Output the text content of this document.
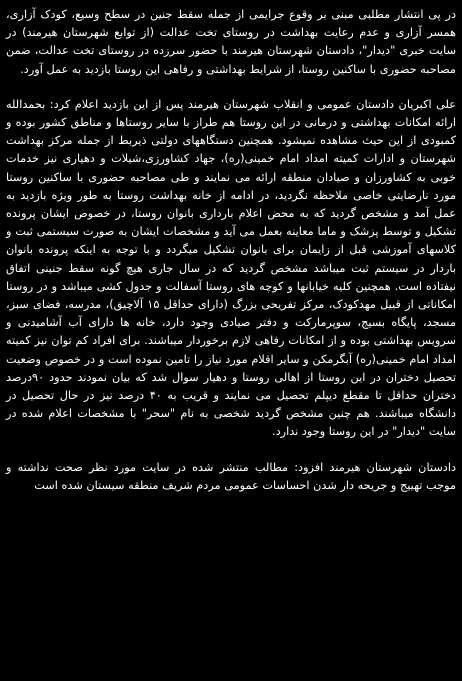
در پی انتشار مطلبی مبنی بر وقوع جرایمی از جمله سقط جنین در سطح وسیع، کودک آزاری، همسر آزاری و عدم رعایت بهداشت در روستای تخت عدالت (از توابع شهرستان هیرمند) در سایت خبری "دیدار"، دادستان شهرستان هیرمند با حضور سرزده در روستای تخت عدالت، ضمن مصاحبه حضوری با ساکنین روستا، از شرایط بهداشتی و رفاهی این روستا بازدید به عمل آورد.

علی اکبریان دادستان عمومی و انقلاب شهرستان هیرمند پس از این بازدید اعلام کرد: بحمدالله ارائه امکانات بهداشتی و درمانی در این روستا هم طراز با سایر روستاها و مناطق کشور بوده و کمبودی از این حیث مشاهده نمیشود. همچنین دستگاههای دولتی ذیربط از جمله مرکز بهداشت شهرستان و ادارات کمیته امداد امام خمینی(ره)، جهاد کشاورزی،شیلات و دهیاری نیز خدمات خوبی به کشاورزان و صیادان منطقه ارائه می نمایند و طی مصاحبه حضوری با ساکنین روستا مورد نارضایتی خاصی ملاحظه نگردید، در ادامه از خانه بهداشت روستا به طور ویژه بازدید به عمل آمد و مشخص گردید که به محض اعلام بارداری بانوان روستا، در خصوص ایشان پرونده تشکیل و توسط پزشک و ماما معاینه بعمل می آید و مشخصات ایشان به صورت سیستمی ثبت و کلاسهای آموزشی قبل از زایمان برای بانوان تشکیل میگردد و با توجه به اینکه پرونده بانوان باردار در سیستم ثبت میباشد مشخص گردید که در سال جاری هیچ گونه سقط جنینی اتفاق نیفتاده است. همچنین کلیه خیابانها و کوچه های روستا آسفالت و جدول کشی میباشد و در روستا امکاناتی از قبیل مهدکودک، مرکز تفریحی بزرگ (دارای حداقل ۱۵ آلاچیق)، مدرسه، فضای سبز، مسجد، پایگاه بسیج، سوپرمارکت و دفتر صیادی وجود دارد، خانه ها دارای آب آشامیدنی و سرویس بهداشتی بوده و از امکانات رفاهی لازم برخوردار میباشند. برای افراد کم توان نیز کمیته امداد امام خمینی(ره) آبگرمکن و سایر اقلام مورد نیاز را تامین نموده است و در خصوص وضعیت تحصیل دختران در این روستا از اهالی روستا و دهیار سوال شد که بیان نمودند حدود ۹۰درصد دختران حداقل تا مقطع دیپلم تحصیل می نمایند و قریب به ۴۰ درصد نیز در حال تحصیل در دانشگاه میباشند. هم چنین مشخص گردید شخصی به نام "سحر" با مشخصات اعلام شده در سایت "دیدار" در این روستا وجود ندارد.

دادستان شهرستان هیرمند افزود: مطالب منتشر شده در سایت مورد نظر صحت نداشته و موجب تهییج و جریحه دار شدن احساسات عمومی مردم شریف منطقه سیستان شده است
